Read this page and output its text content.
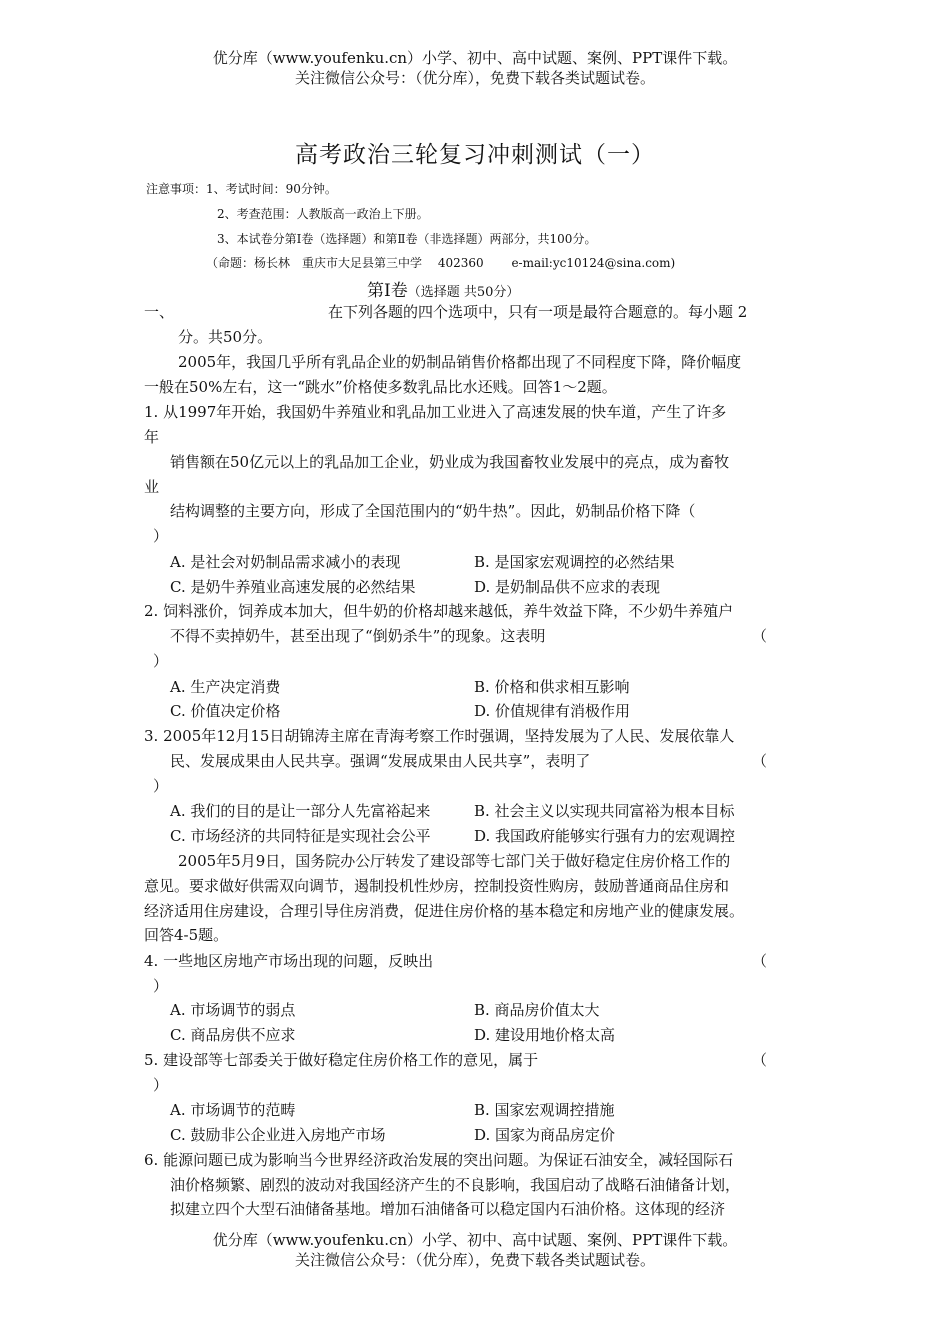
优分库（www.youfenku.cn）小学、初中、高中试题、案例、PPT课件下载。
关注微信公众号：（优分库），免费下载各类试题试卷。
高考政治三轮复习冲刺测试（一）
注意事项：1、考试时间：90分钟。
2、考查范围：人教版高一政治上下册。
3、本试卷分第Ⅰ卷（选择题）和第Ⅱ卷（非选择题）两部分，共100分。
（命题：杨长林　重庆市大足县第三中学　 402360　 　e-mail:yc10124@sina.com)
第Ⅰ卷（选择题 共50分）
一、	在下列各题的四个选项中，只有一项是最符合题意的。每小题 2
分。共50分。
2005年，我国几乎所有乳品企业的奶制品销售价格都出现了不同程度下降，降价幅度
一般在50%左右，这一“跳水”价格使多数乳品比水还贱。回答1～2题。
1. 从1997年开始，我国奶牛养殖业和乳品加工业进入了高速发展的快车道，产生了许多
年
销售额在50亿元以上的乳品加工企业，奶业成为我国畜牧业发展中的亮点，成为畜牧
业
结构调整的主要方向，形成了全国范围内的“奶牛热”。因此，奶制品价格下降（
）
A. 是社会对奶制品需求减小的表现	B. 是国家宏观调控的必然结果
C. 是奶牛养殖业高速发展的必然结果	D. 是奶制品供不应求的表现
2. 饲料涨价，饲养成本加大，但牛奶的价格却越来越低，养牛效益下降，不少奶牛养殖户
不得不卖掉奶牛，甚至出现了“倒奶杀牛”的现象。这表明	（
）
A. 生产决定消费	B. 价格和供求相互影响
C. 价值决定价格	D. 价值规律有消极作用
3. 2005年12月15日胡锦涛主席在青海考察工作时强调，坚持发展为了人民、发展依靠人
民、发展成果由人民共享。强调“发展成果由人民共享”，表明了	（
）
A. 我们的目的是让一部分人先富裕起来	B. 社会主义以实现共同富裕为根本目标
C. 市场经济的共同特征是实现社会公平	D. 我国政府能够实行强有力的宏观调控
2005年5月9日，国务院办公厅转发了建设部等七部门关于做好稳定住房价格工作的
意见。要求做好供需双向调节，遏制投机性炒房，控制投资性购房，鼓励普通商品住房和
经济适用住房建设，合理引导住房消费，促进住房价格的基本稳定和房地产业的健康发展。
回答4-5题。
4. 一些地区房地产市场出现的问题，反映出	（
）
A. 市场调节的弱点	B. 商品房价值太大
C. 商品房供不应求	D. 建设用地价格太高
5. 建设部等七部委关于做好稳定住房价格工作的意见，属于	（
）
A. 市场调节的范畴	B. 国家宏观调控措施
C. 鼓励非公企业进入房地产市场	D. 国家为商品房定价
6. 能源问题已成为影响当今世界经济政治发展的突出问题。为保证石油安全，减轻国际石
油价格频繁、剧烈的波动对我国经济产生的不良影响，我国启动了战略石油储备计划，
拟建立四个大型石油储备基地。增加石油储备可以稳定国内石油价格。这体现的经济
优分库（www.youfenku.cn）小学、初中、高中试题、案例、PPT课件下载。
关注微信公众号：（优分库），免费下载各类试题试卷。
